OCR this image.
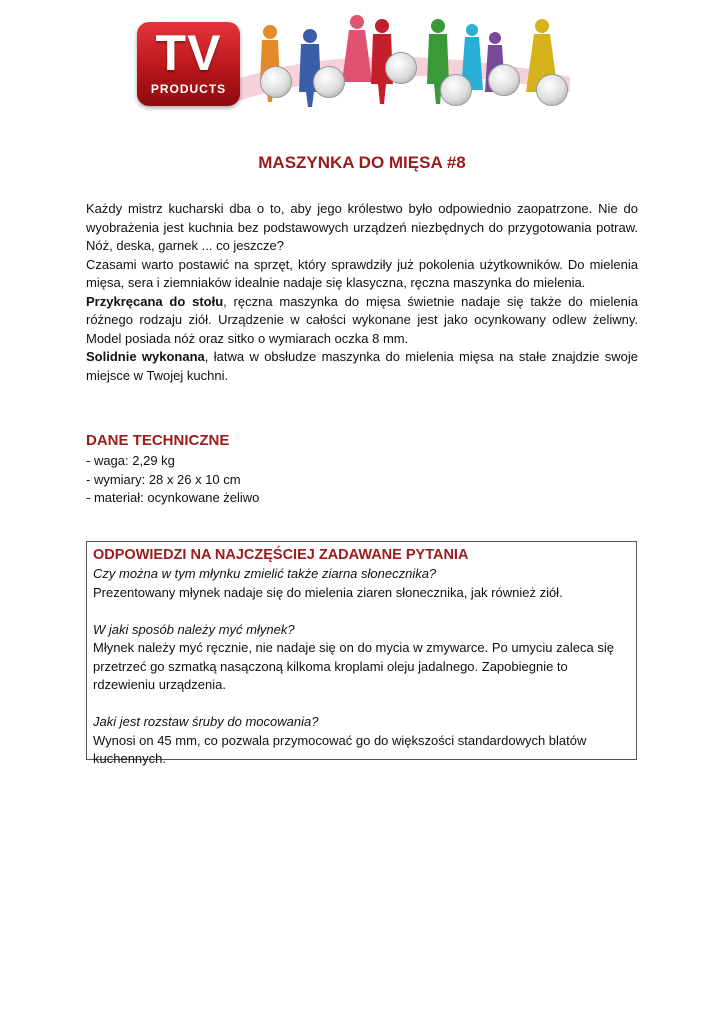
TV
PRODUCTS
MASZYNKA DO MIĘSA #8

Każdy mistrz kucharski dba o to, aby jego królestwo było odpowiednio zaopatrzone. Nie do wyobrażenia jest kuchnia bez podstawowych urządzeń niezbędnych do przygotowania potraw. Nóż, deska, garnek ... co jeszcze?

Czasami warto postawić na sprzęt, który sprawdziły już pokolenia użytkowników. Do mielenia mięsa, sera i ziemniaków idealnie nadaje się klasyczna, ręczna maszynka do mielenia.

Przykręcana do stołu, ręczna maszynka do mięsa świetnie nadaje się także do mielenia różnego rodzaju ziół. Urządzenie w całości wykonane jest jako ocynkowany odlew żeliwny. Model posiada nóż oraz sitko o wymiarach oczka 8 mm.

Solidnie wykonana, łatwa w obsłudze maszynka do mielenia mięsa na stałe znajdzie swoje miejsce w Twojej kuchni.

DANE TECHNICZNE
- waga: 2,29 kg
- wymiary: 28 x 26 x 10 cm
- materiał: ocynkowane żeliwo
ODPOWIEDZI NA NAJCZĘŚCIEJ ZADAWANE PYTANIA
Czy można w tym młynku zmielić także ziarna słonecznika?
Prezentowany młynek nadaje się do mielenia ziaren słonecznika, jak również ziół.
W jaki sposób należy myć młynek?
Młynek należy myć ręcznie, nie nadaje się on do mycia w zmywarce. Po umyciu zaleca się przetrzeć go szmatką nasączoną kilkoma kroplami oleju jadalnego. Zapobiegnie to rdzewieniu urządzenia.
Jaki jest rozstaw śruby do mocowania?
Wynosi on 45 mm, co pozwala przymocować go do większości standardowych blatów kuchennych.
